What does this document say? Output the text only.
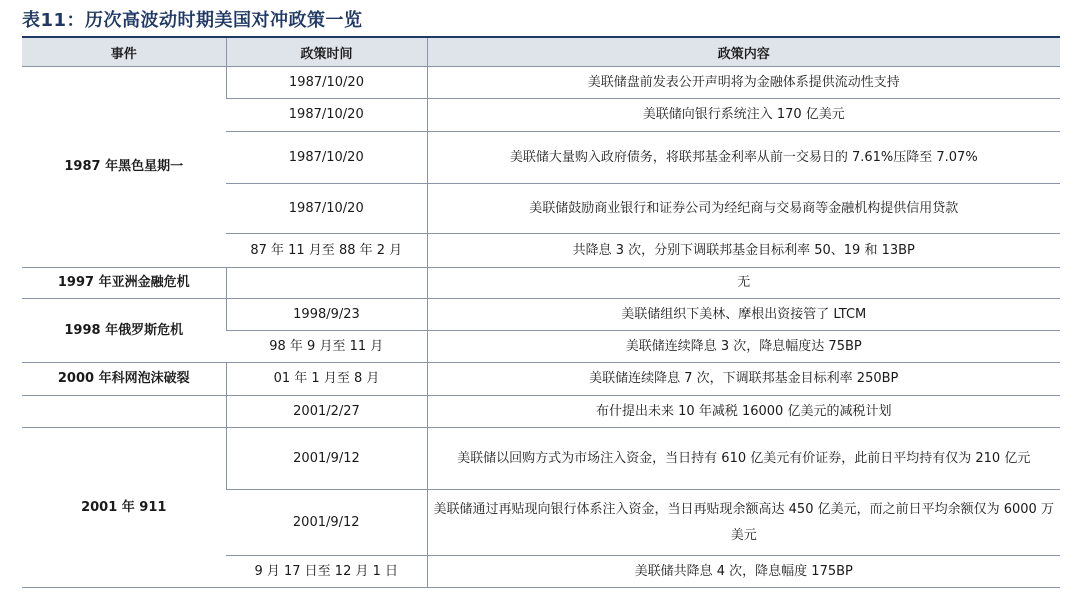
表11：历次高波动时期美国对冲政策一览
事件	政策时间	政策内容
1987 年黑色星期一	1987/10/20	美联储盘前发表公开声明将为金融体系提供流动性支持
	1987/10/20	美联储向银行系统注入 170 亿美元
	1987/10/20	美联储大量购入政府债务，将联邦基金利率从前一交易日的 7.61%压降至 7.07%
	1987/10/20	美联储鼓励商业银行和证券公司为经纪商与交易商等金融机构提供信用贷款
	87 年 11 月至 88 年 2 月	共降息 3 次，分别下调联邦基金目标利率 50、19 和 13BP
1997 年亚洲金融危机		无
1998 年俄罗斯危机	1998/9/23	美联储组织下美林、摩根出资接管了 LTCM
	98 年 9 月至 11 月	美联储连续降息 3 次，降息幅度达 75BP
2000 年科网泡沫破裂	01 年 1 月至 8 月	美联储连续降息 7 次，下调联邦基金目标利率 250BP
	2001/2/27	布什提出未来 10 年减税 16000 亿美元的减税计划
2001 年 911	2001/9/12	美联储以回购方式为市场注入资金，当日持有 610 亿美元有价证券，此前日平均持有仅为 210 亿元
	2001/9/12	美联储通过再贴现向银行体系注入资金，当日再贴现余额高达 450 亿美元，而之前日平均余额仅为 6000 万美元
	9 月 17 日至 12 月 1 日	美联储共降息 4 次，降息幅度 175BP
